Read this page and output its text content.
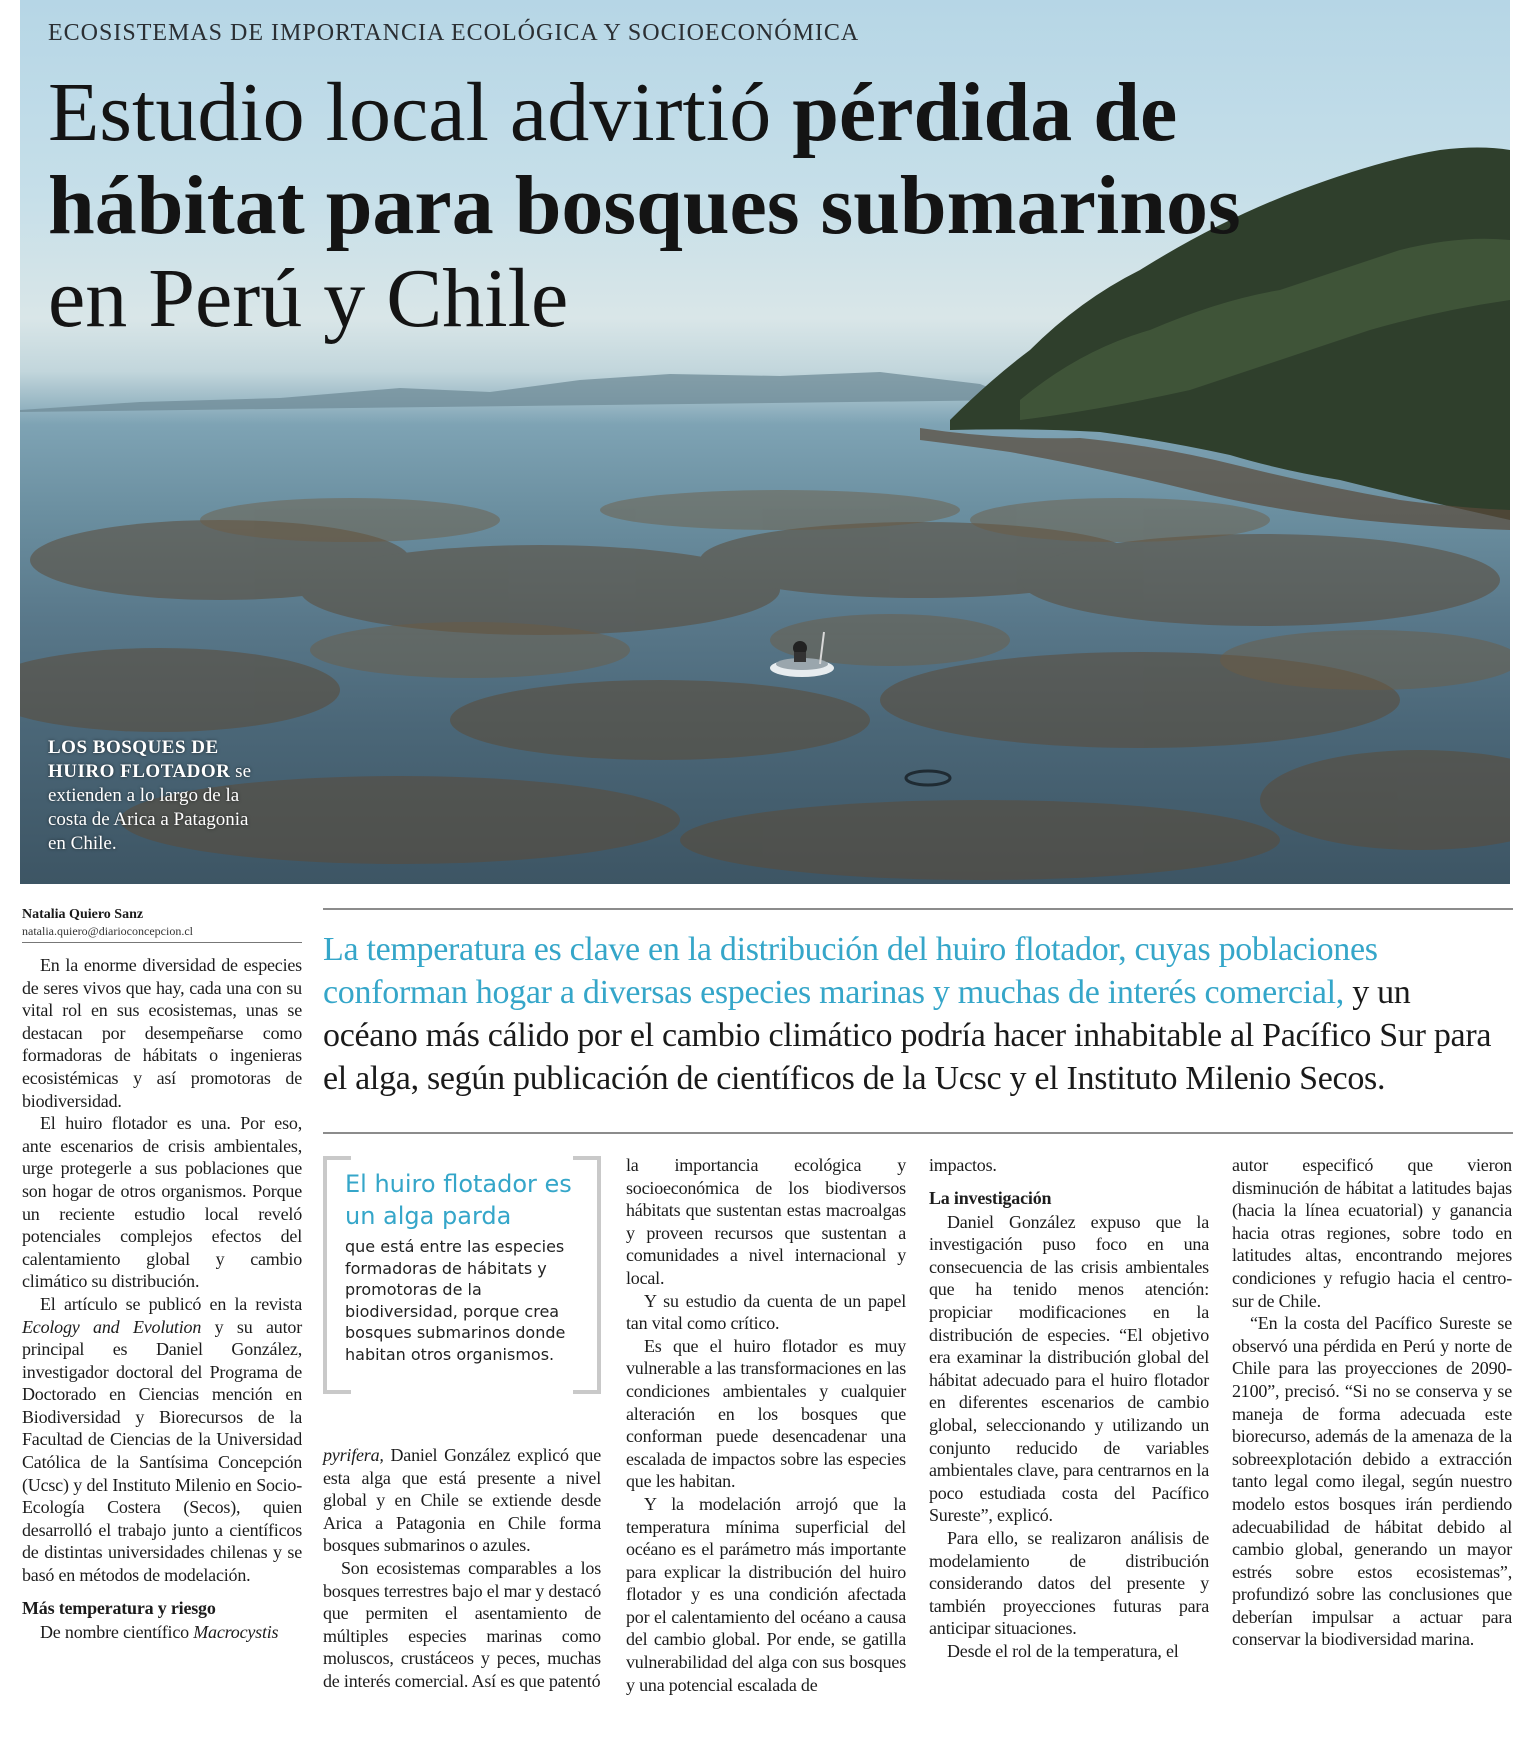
ECOSISTEMAS DE IMPORTANCIA ECOLÓGICA Y SOCIOECONÓMICA
Estudio local advirtió pérdida de hábitat para bosques submarinos en Perú y Chile
LOS BOSQUES DE HUIRO FLOTADOR se extienden a lo largo de la costa de Arica a Patagonia en Chile.
Natalia Quiero Sanz
natalia.quiero@diarioconcepcion.cl	La temperatura es clave en la distribución del huiro flotador, cuyas poblaciones conforman hogar a diversas especies marinas y muchas de interés comercial, y un océano más cálido por el cambio climático podría hacer inhabitable al Pacífico Sur para el alga, según publicación de científicos de la Ucsc y el Instituto Milenio Secos.

En la enorme diversidad de especies de seres vivos que hay, cada una con su vital rol en sus ecosistemas, unas se destacan por desempeñarse como formadoras de hábitats o ingenieras ecosistémicas y así promotoras de biodiversidad.

El huiro flotador es una. Por eso, ante escenarios de crisis ambientales, urge protegerle a sus poblaciones que son hogar de otros organismos. Porque un reciente estudio local reveló potenciales complejos efectos del calentamiento global y cambio climático su distribución.

El artículo se publicó en la revista Ecology and Evolution y su autor principal es Daniel González, investigador doctoral del Programa de Doctorado en Ciencias mención en Biodiversidad y Biorecursos de la Facultad de Ciencias de la Universidad Católica de la Santísima Concepción (Ucsc) y del Instituto Milenio en Socio-Ecología Costera (Secos), quien desarrolló el trabajo junto a científicos de distintas universidades chilenas y se basó en métodos de modelación.

Más temperatura y riesgo

De nombre científico Macrocystis

El huiro flotador es un alga parda

que está entre las especies formadoras de hábitats y promotoras de la biodiversidad, porque crea bosques submarinos donde habitan otros organismos.

pyrifera, Daniel González explicó que esta alga que está presente a nivel global y en Chile se extiende desde Arica a Patagonia en Chile forma bosques submarinos o azules.

Son ecosistemas comparables a los bosques terrestres bajo el mar y destacó que permiten el asentamiento de múltiples especies marinas como moluscos, crustáceos y peces, muchas de interés comercial. Así es que patentó

la importancia ecológica y socioeconómica de los biodiversos hábitats que sustentan estas macroalgas y proveen recursos que sustentan a comunidades a nivel internacional y local.

Y su estudio da cuenta de un papel tan vital como crítico.

Es que el huiro flotador es muy vulnerable a las transformaciones en las condiciones ambientales y cualquier alteración en los bosques que conforman puede desencadenar una escalada de impactos sobre las especies que les habitan.

Y la modelación arrojó que la temperatura mínima superficial del océano es el parámetro más importante para explicar la distribución del huiro flotador y es una condición afectada por el calentamiento del océano a causa del cambio global. Por ende, se gatilla vulnerabilidad del alga con sus bosques y una potencial escalada de

impactos.

La investigación

Daniel González expuso que la investigación puso foco en una consecuencia de las crisis ambientales que ha tenido menos atención: propiciar modificaciones en la distribución de especies. “El objetivo era examinar la distribución global del hábitat adecuado para el huiro flotador en diferentes escenarios de cambio global, seleccionando y utilizando un conjunto reducido de variables ambientales clave, para centrarnos en la poco estudiada costa del Pacífico Sureste”, explicó.

Para ello, se realizaron análisis de modelamiento de distribución considerando datos del presente y también proyecciones futuras para anticipar situaciones.

Desde el rol de la temperatura, el

autor especificó que vieron disminución de hábitat a latitudes bajas (hacia la línea ecuatorial) y ganancia hacia otras regiones, sobre todo en latitudes altas, encontrando mejores condiciones y refugio hacia el centro-sur de Chile.

“En la costa del Pacífico Sureste se observó una pérdida en Perú y norte de Chile para las proyecciones de 2090-2100”, precisó. “Si no se conserva y se maneja de forma adecuada este biorecurso, además de la amenaza de la sobreexplotación debido a extracción tanto legal como ilegal, según nuestro modelo estos bosques irán perdiendo adecuabilidad de hábitat debido al cambio global, generando un mayor estrés sobre estos ecosistemas”, profundizó sobre las conclusiones que deberían impulsar a actuar para conservar la biodiversidad marina.
